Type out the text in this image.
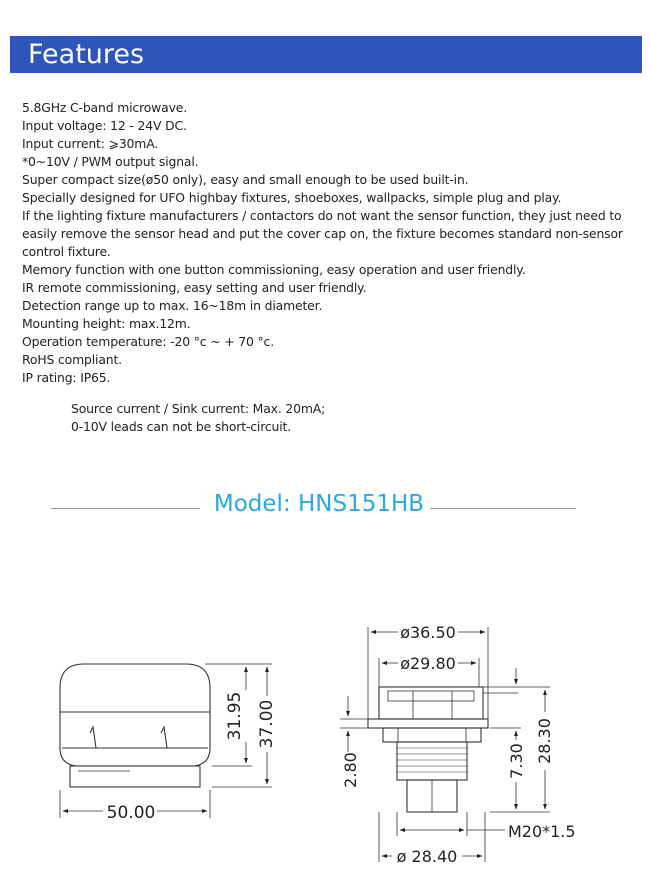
Features
5.8GHz C-band microwave.
Input voltage: 12 - 24V DC.
Input current: ⩾30mA.
*0~10V / PWM output signal.
Super compact size(ø50 only), easy and small enough to be used built-in.
Specially designed for UFO highbay fixtures, shoeboxes, wallpacks, simple plug and play.
If the lighting fixture manufacturers / contactors do not want the sensor function, they just need to easily remove the sensor head and put the cover cap on, the fixture becomes standard non-sensor control fixture.
Memory function with one button commissioning, easy operation and user friendly.
IR remote commissioning, easy setting and user friendly.
Detection range up to max. 16~18m in diameter.
Mounting height: max.12m.
Operation temperature: -20 °c ~ + 70 °c.
RoHS compliant.
IP rating: IP65.
Source current / Sink current: Max. 20mA;
0-10V leads can not be short-circuit.
Model: HNS151HB
50.00
31.95 37.00
ø36.50
ø29.80
28.30
7.30
2.80
M20*1.5
ø 28.40
